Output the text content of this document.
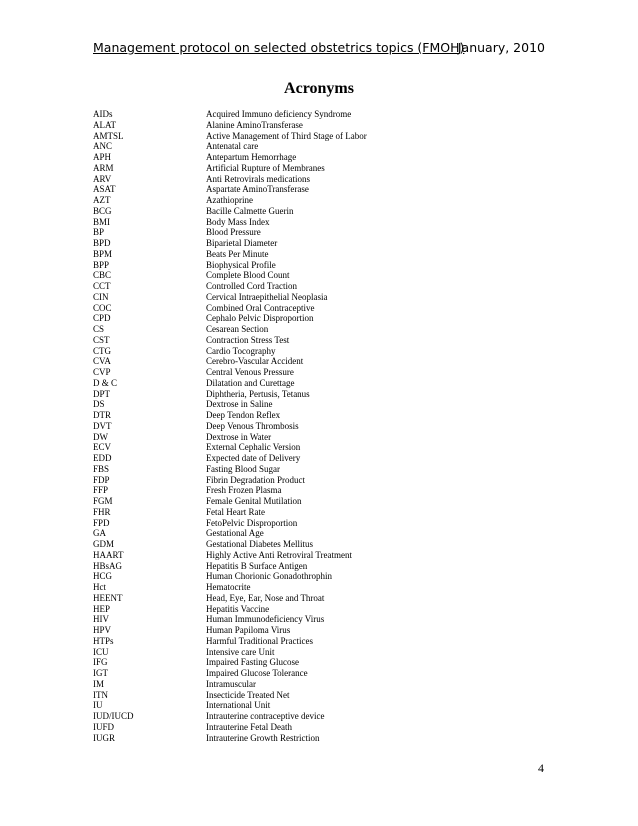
Management protocol on selected obstetrics topics (FMOH)
January, 2010
Acronyms
AIDs	Acquired Immuno deficiency Syndrome
ALAT	Alanine AminoTransferase
AMTSL	Active Management of Third Stage of Labor
ANC	Antenatal care
APH	Antepartum Hemorrhage
ARM	Artificial Rupture of Membranes
ARV	Anti Retrovirals medications
ASAT	Aspartate AminoTransferase
AZT	Azathioprine
BCG	Bacille Calmette Guerin
BMI	Body Mass Index
BP	Blood Pressure
BPD	Biparietal Diameter
BPM	Beats Per Minute
BPP	Biophysical Profile
CBC	Complete Blood Count
CCT	Controlled Cord Traction
CIN	Cervical Intraepithelial Neoplasia
COC	Combined Oral Contraceptive
CPD	Cephalo Pelvic Disproportion
CS	Cesarean Section
CST	Contraction Stress Test
CTG	Cardio Tocography
CVA	Cerebro-Vascular Accident
CVP	Central Venous Pressure
D & C	Dilatation and Curettage
DPT	Diphtheria, Pertusis, Tetanus
DS	Dextrose in Saline
DTR	Deep Tendon Reflex
DVT	Deep Venous Thrombosis
DW	Dextrose in Water
ECV	External Cephalic Version
EDD	Expected date of Delivery
FBS	Fasting Blood Sugar
FDP	Fibrin Degradation Product
FFP	Fresh Frozen Plasma
FGM	Female Genital Mutilation
FHR	Fetal Heart Rate
FPD	FetoPelvic Disproportion
GA	Gestational Age
GDM	Gestational Diabetes Mellitus
HAART	Highly Active Anti Retroviral Treatment
HBsAG	Hepatitis B Surface Antigen
HCG	Human Chorionic Gonadothrophin
Hct	Hematocrite
HEENT	Head, Eye, Ear, Nose and Throat
HEP	Hepatitis Vaccine
HIV	Human Immunodeficiency Virus
HPV	Human Papiloma Virus
HTPs	Harmful Traditional Practices
ICU	Intensive care Unit
IFG	Impaired Fasting Glucose
IGT	Impaired Glucose Tolerance
IM	Intramuscular
ITN	Insecticide Treated Net
IU	International Unit
IUD/IUCD	Intrauterine contraceptive device
IUFD	Intrauterine Fetal Death
IUGR	Intrauterine Growth Restriction
4
